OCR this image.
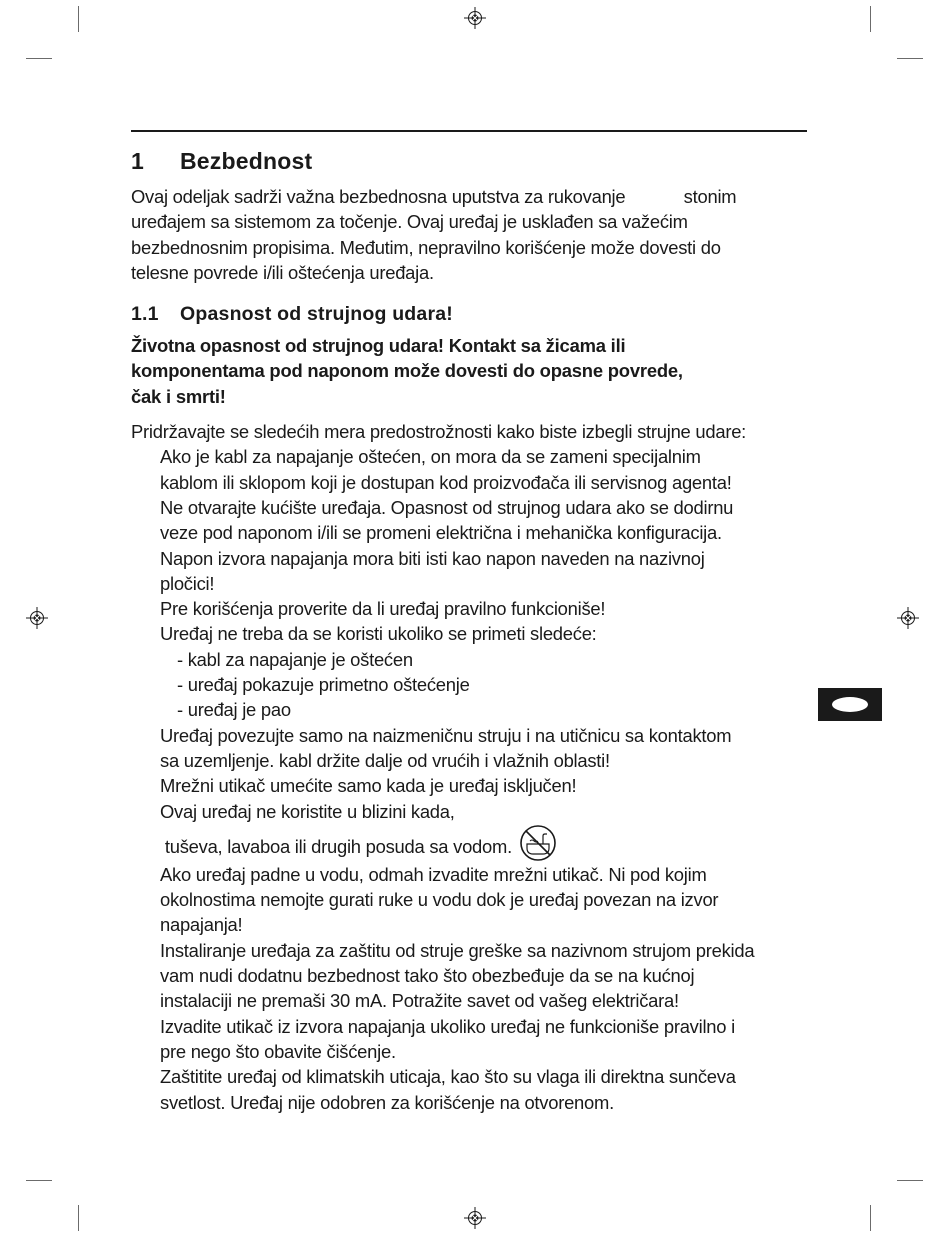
1	Bezbednost
Ovaj odeljak sadrži važna bezbednosna uputstva za rukovanje            stonim
uređajem sa sistemom za točenje. Ovaj uređaj je usklađen sa važećim
bezbednosnim propisima. Međutim, nepravilno korišćenje može dovesti do
telesne povrede i/ili oštećenja uređaja.
1.1	Opasnost od strujnog udara!
Životna opasnost od strujnog udara! Kontakt sa žicama ili
komponentama pod naponom može dovesti do opasne povrede,
čak i smrti!
Pridržavajte se sledećih mera predostrožnosti kako biste izbegli strujne udare:
Ako je kabl za napajanje oštećen, on mora da se zameni specijalnim
kablom ili sklopom koji je dostupan kod proizvođača ili servisnog agenta!
Ne otvarajte kućište uređaja. Opasnost od strujnog udara ako se dodirnu
veze pod naponom i/ili se promeni električna i mehanička konfiguracija.
Napon izvora napajanja mora biti isti kao napon naveden na nazivnoj
pločici!
Pre korišćenja proverite da li uređaj pravilno funkcioniše!
Uređaj ne treba da se koristi ukoliko se primeti sledeće:
- kabl za napajanje je oštećen
- uređaj pokazuje primetno oštećenje
- uređaj je pao
Uređaj povezujte samo na naizmeničnu struju i na utičnicu sa kontaktom
sa uzemljenje. kabl držite dalje od vrućih i vlažnih oblasti!
Mrežni utikač umećite samo kada je uređaj isključen!
Ovaj uređaj ne koristite u blizini kada,
tuševa, lavaboa ili drugih posuda sa vodom.
Ako uređaj padne u vodu, odmah izvadite mrežni utikač. Ni pod kojim
okolnostima nemojte gurati ruke u vodu dok je uređaj povezan na izvor
napajanja!
Instaliranje uređaja za zaštitu od struje greške sa nazivnom strujom prekida
vam nudi dodatnu bezbednost tako što obezbeđuje da se na kućnoj
instalaciji ne premaši 30 mA. Potražite savet od vašeg električara!
Izvadite utikač iz izvora napajanja ukoliko uređaj ne funkcioniše pravilno i
pre nego što obavite čišćenje.
Zaštitite uređaj od klimatskih uticaja, kao što su vlaga ili direktna sunčeva
svetlost. Uređaj nije odobren za korišćenje na otvorenom.
